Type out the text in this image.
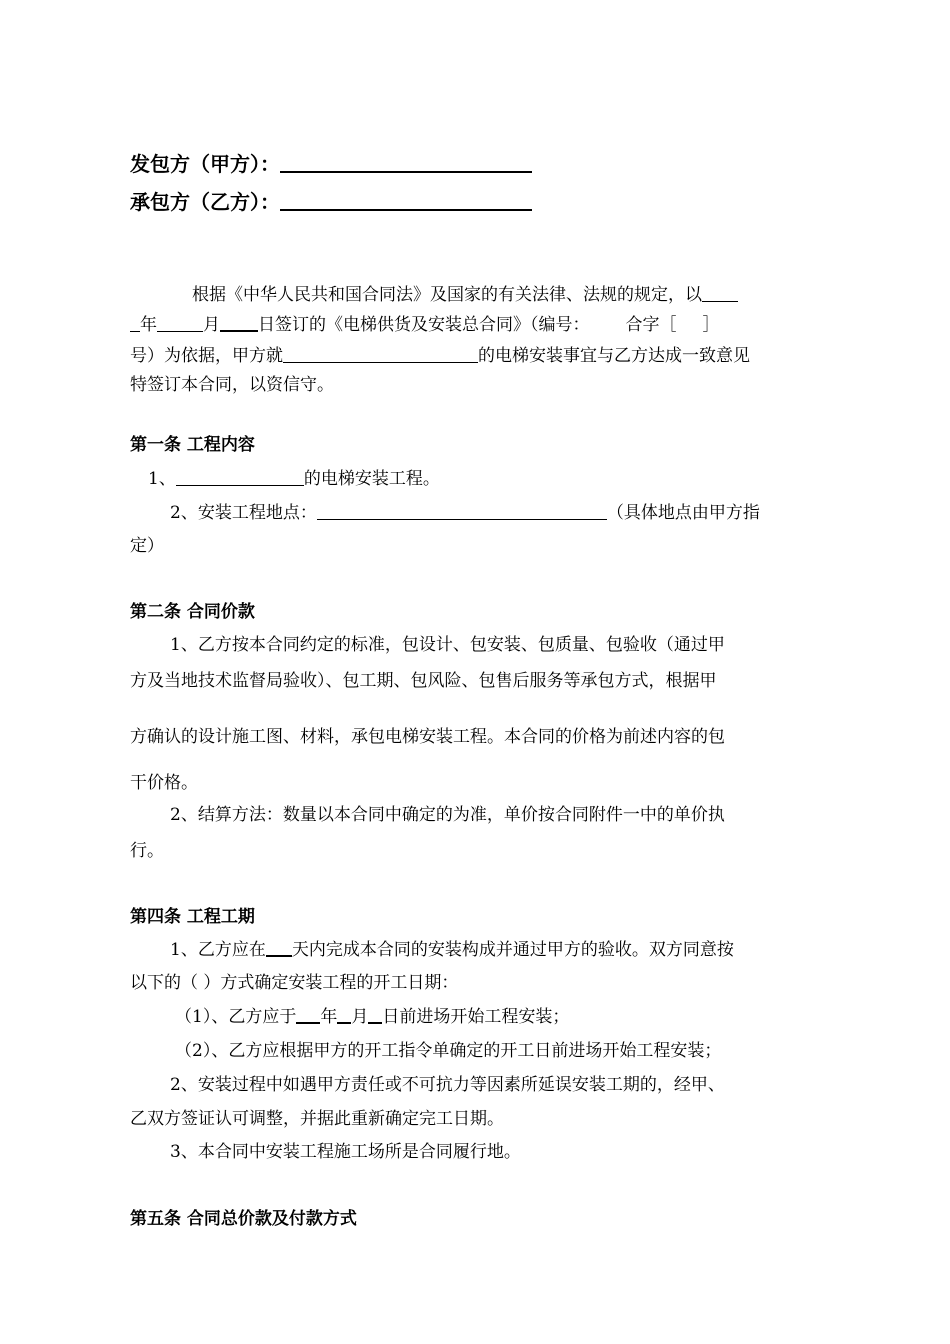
发包方（甲方）：
承包方（乙方）：
根据《中华人民共和国合同法》及国家的有关法律、法规的规定，以
年	月 日签订的《电梯供货及安装总合同》（编号： 合字［ ］
号）为依据，甲方就	的电梯安装事宜与乙方达成一致意见
特签订本合同，以资信守。
第一条 工程内容
1、	的电梯安装工程。
2、安装工程地点：	（具体地点由甲方指
定）
第二条 合同价款
1、乙方按本合同约定的标准，包设计、包安装、包质量、包验收（通过甲
方及当地技术监督局验收）、包工期、包风险、包售后服务等承包方式，根据甲
方确认的设计施工图、材料，承包电梯安装工程。本合同的价格为前述内容的包
干价格。
2、结算方法：数量以本合同中确定的为准，单价按合同附件一中的单价执
行。
第四条 工程工期
1、乙方应在 天内完成本合同的安装构成并通过甲方的验收。双方同意按
以下的（ ）方式确定安装工程的开工日期：
（1）、乙方应于 年 月 日前进场开始工程安装；
（2）、乙方应根据甲方的开工指令单确定的开工日前进场开始工程安装；
2、安装过程中如遇甲方责任或不可抗力等因素所延误安装工期的，经甲、
乙双方签证认可调整，并据此重新确定完工日期。
3、本合同中安装工程施工场所是合同履行地。
第五条 合同总价款及付款方式
